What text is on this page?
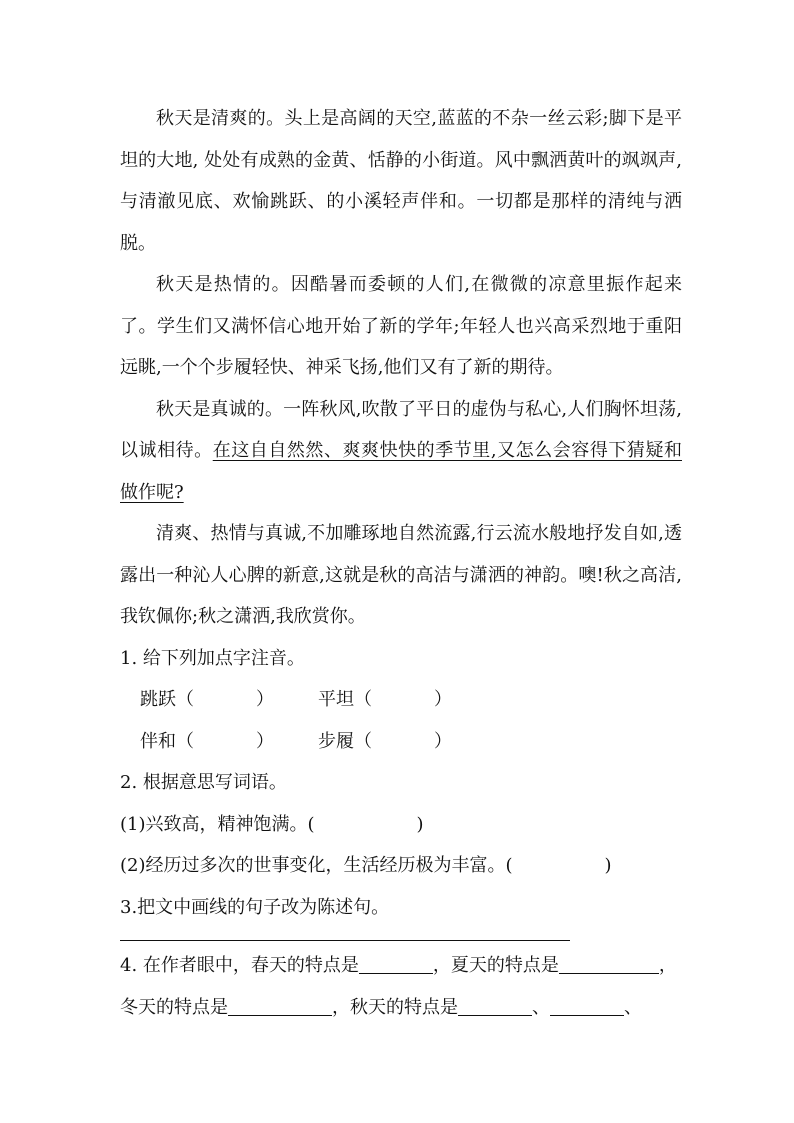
秋天是清爽的。头上是高阔的天空,蓝蓝的不杂一丝云彩;脚下是平坦的大地, 处处有成熟的金黄、恬静的小街道。风中飘洒黄叶的飒飒声,与清澈见底、欢愉跳跃、的小溪轻声伴和。一切都是那样的清纯与洒脱。

秋天是热情的。因酷暑而委顿的人们,在微微的凉意里振作起来了。学生们又满怀信心地开始了新的学年;年轻人也兴高采烈地于重阳远眺,一个个步履轻快、神采飞扬,他们又有了新的期待。

秋天是真诚的。一阵秋风,吹散了平日的虚伪与私心,人们胸怀坦荡,以诚相待。在这自自然然、爽爽快快的季节里,又怎么会容得下猜疑和做作呢?

清爽、热情与真诚,不加雕琢地自然流露,行云流水般地抒发自如,透露出一种沁人心脾的新意,这就是秋的高洁与潇洒的神韵。噢!秋之高洁,我钦佩你;秋之潇洒,我欣赏你。

1. 给下列加点字注音。

跳跃（	） 平坦（	）
伴和（	） 步履（	）

2. 根据意思写词语。

(1)兴致高，精神饱满。(	)

(2)经历过多次的世事变化，生活经历极为丰富。(	)

3.把文中画线的句子改为陈述句。

4. 在作者眼中，春天的特点是	，夏天的特点是	，

冬天的特点是	，秋天的特点是	、	、
